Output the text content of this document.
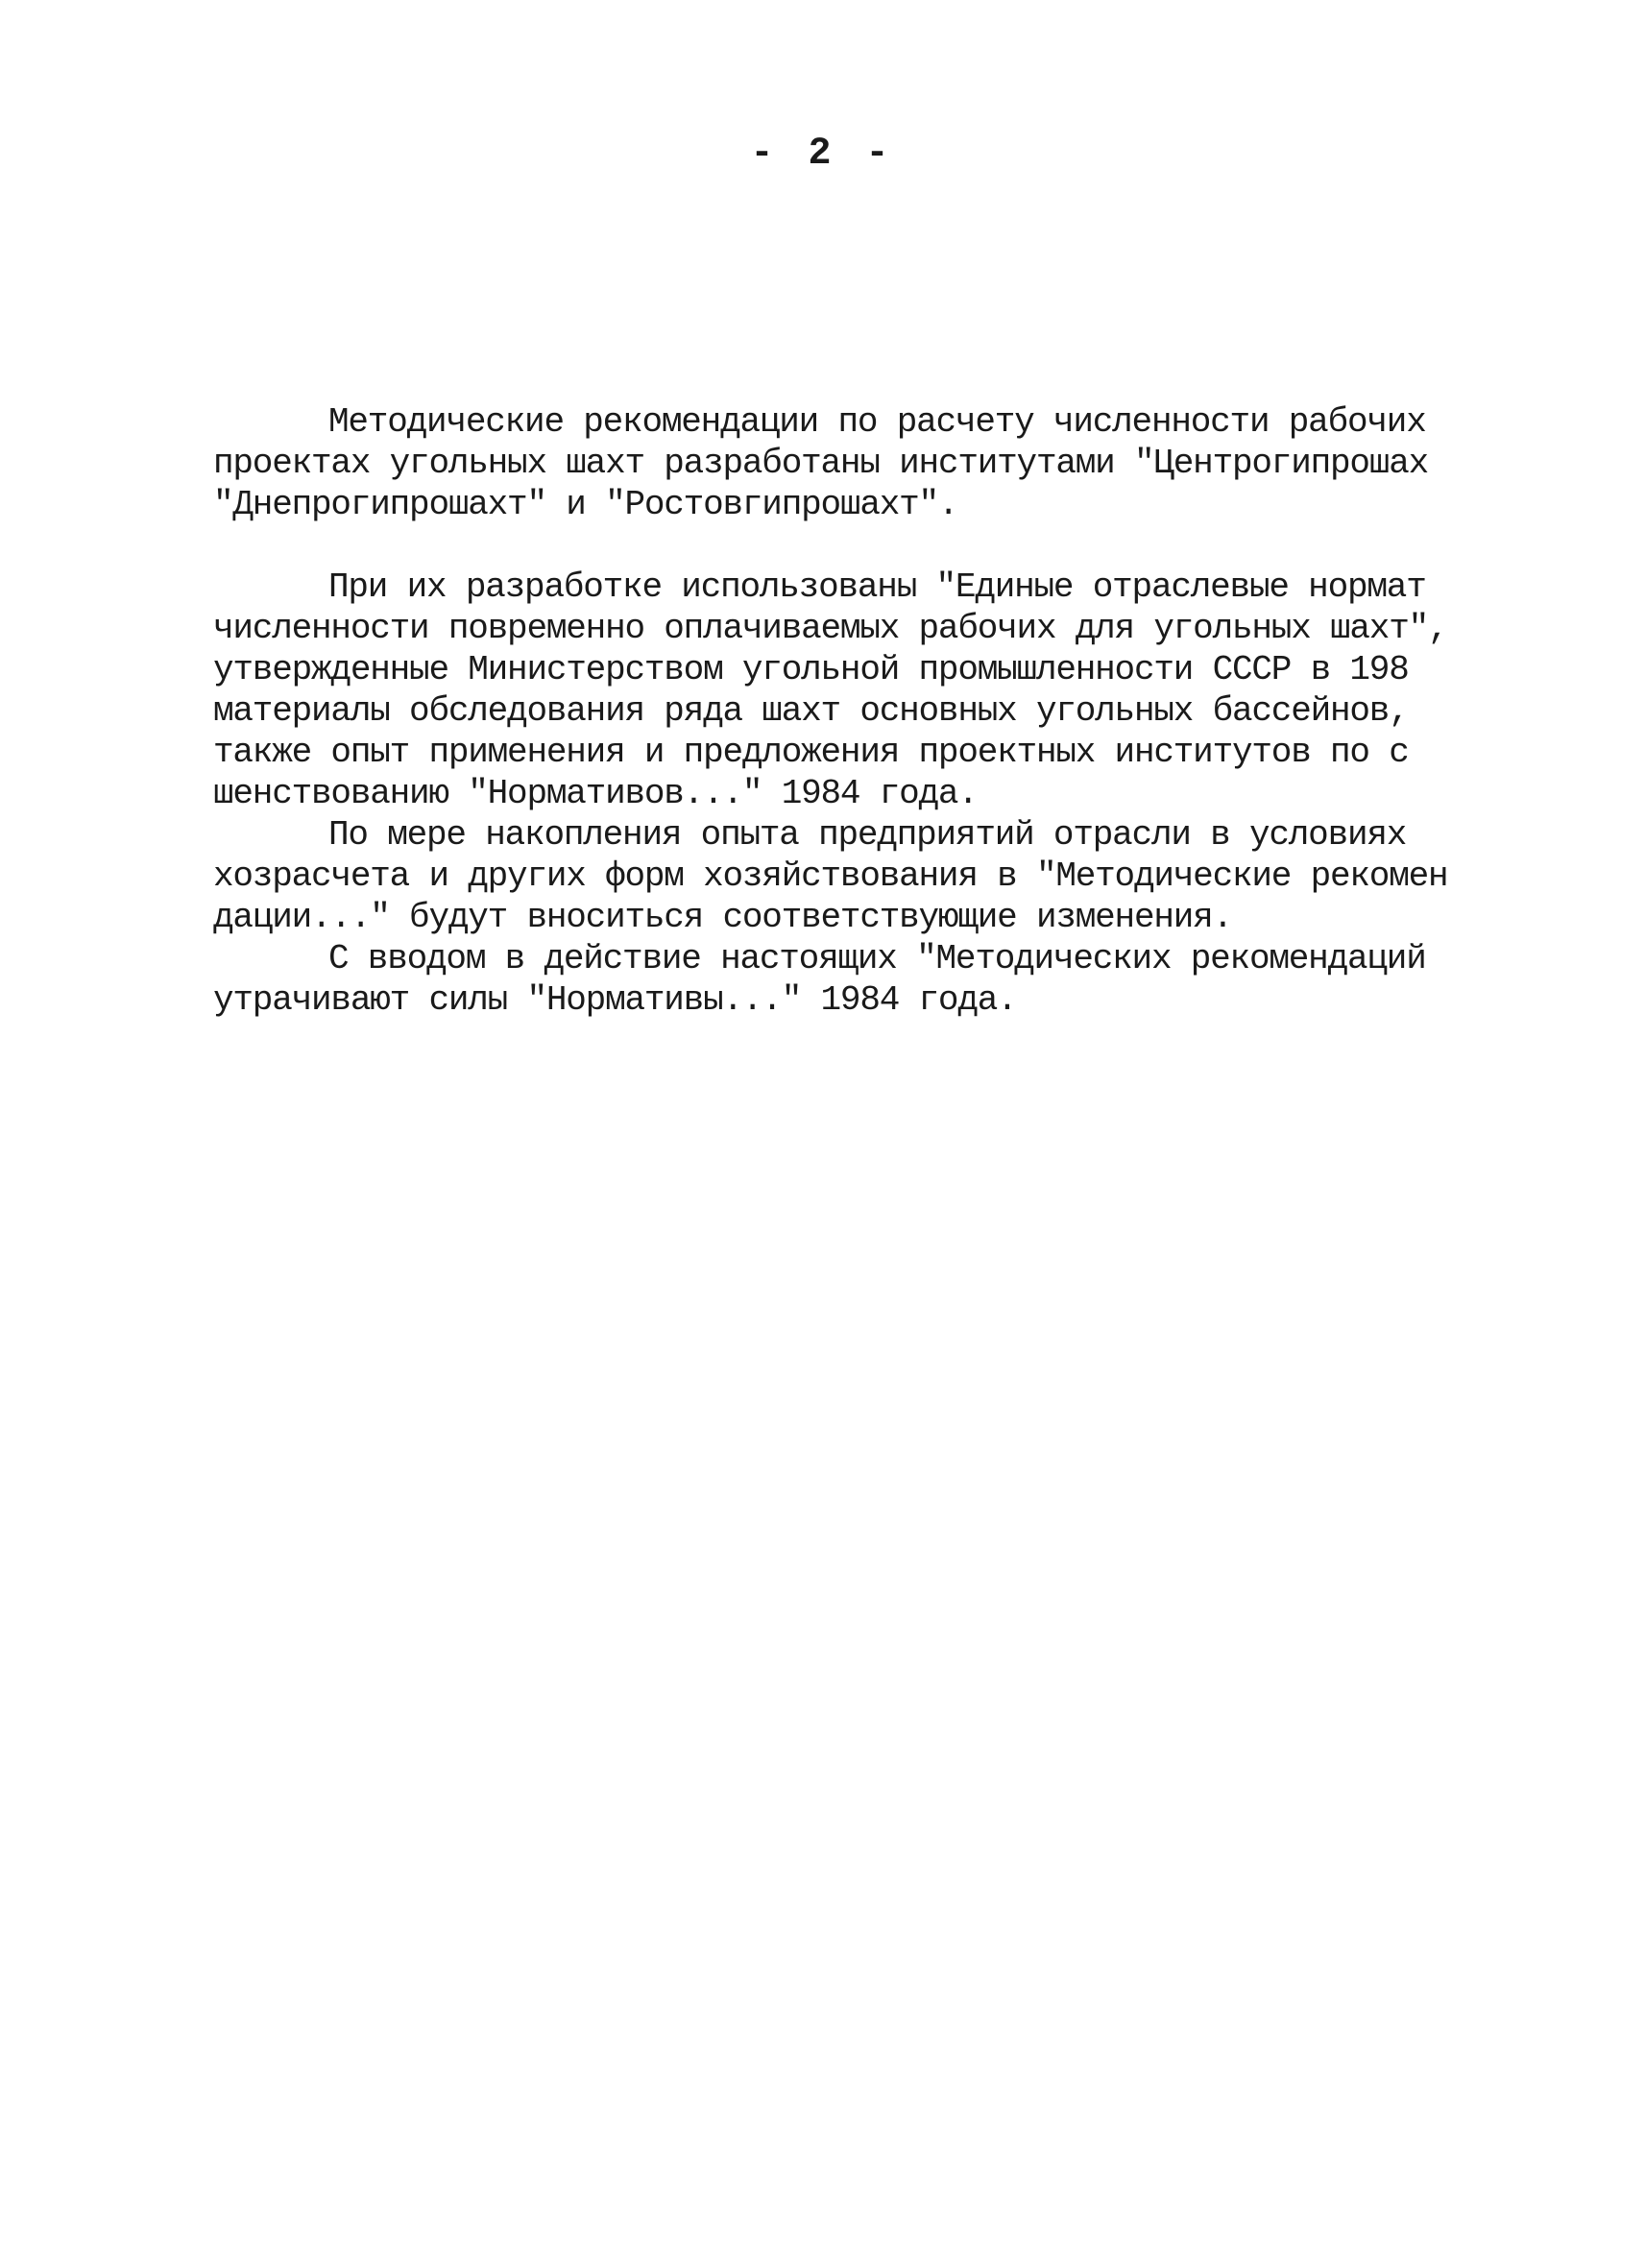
- 2 -
Методические рекомендации по расчету численности рабочих
проектах угольных шахт разработаны институтами "Центрогипрошах
"Днепрогипрошахт" и "Ростовгипрошахт".
При их разработке использованы "Единые отраслевые нормат
численности повременно оплачиваемых рабочих для угольных шахт",
утвержденные Министерством угольной промышленности СССР в 198
материалы обследования ряда шахт основных угольных бассейнов,
также опыт применения и предложения проектных институтов по с
шенствованию "Нормативов..." 1984 года.
По мере накопления опыта предприятий отрасли в условиях
хозрасчета и других форм хозяйствования в "Методические рекомен
дации..." будут вноситься соответствующие изменения.
С вводом в действие настоящих "Методических рекомендаций
утрачивают силы "Нормативы..." 1984 года.
